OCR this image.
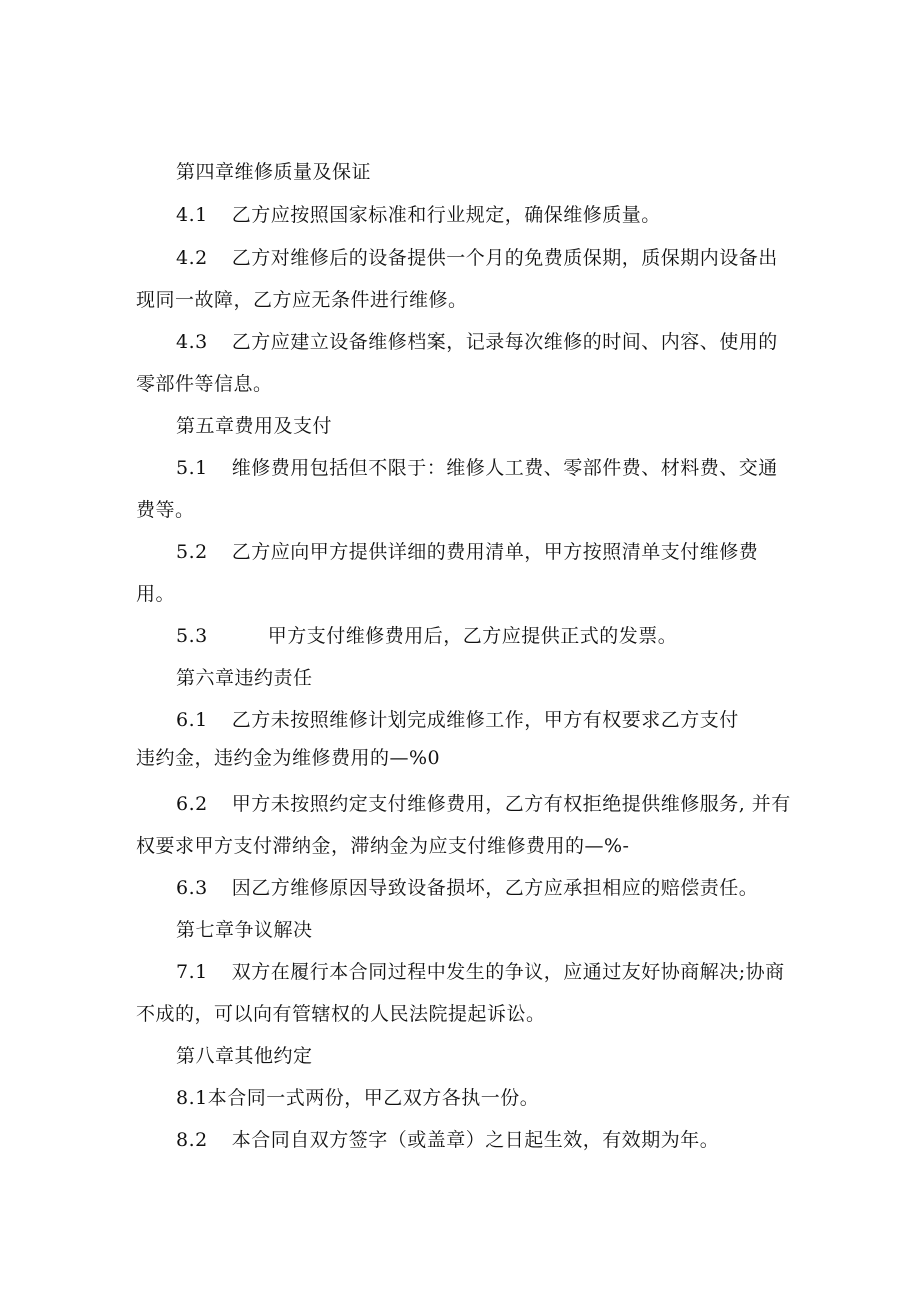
第四章维修质量及保证
4.1 乙方应按照国家标准和行业规定，确保维修质量。
4.2 乙方对维修后的设备提供一个月的免费质保期，质保期内设备出
现同一故障，乙方应无条件进行维修。
4.3 乙方应建立设备维修档案，记录每次维修的时间、内容、使用的
零部件等信息。
第五章费用及支付
5.1 维修费用包括但不限于：维修人工费、零部件费、材料费、交通
费等。
5.2 乙方应向甲方提供详细的费用清单，甲方按照清单支付维修费
用。
5.3	甲方支付维修费用后，乙方应提供正式的发票。
第六章违约责任
6.1 乙方未按照维修计划完成维修工作，甲方有权要求乙方支付
违约金，违约金为维修费用的—%0
6.2 甲方未按照约定支付维修费用，乙方有权拒绝提供维修服务, 并有
权要求甲方支付滞纳金，滞纳金为应支付维修费用的—%-
6.3 因乙方维修原因导致设备损坏，乙方应承担相应的赔偿责任。
第七章争议解决
7.1 双方在履行本合同过程中发生的争议，应通过友好协商解决;协商
不成的，可以向有管辖权的人民法院提起诉讼。
第八章其他约定
8.1本合同一式两份，甲乙双方各执一份。
8.2 本合同自双方签字（或盖章）之日起生效，有效期为年。
